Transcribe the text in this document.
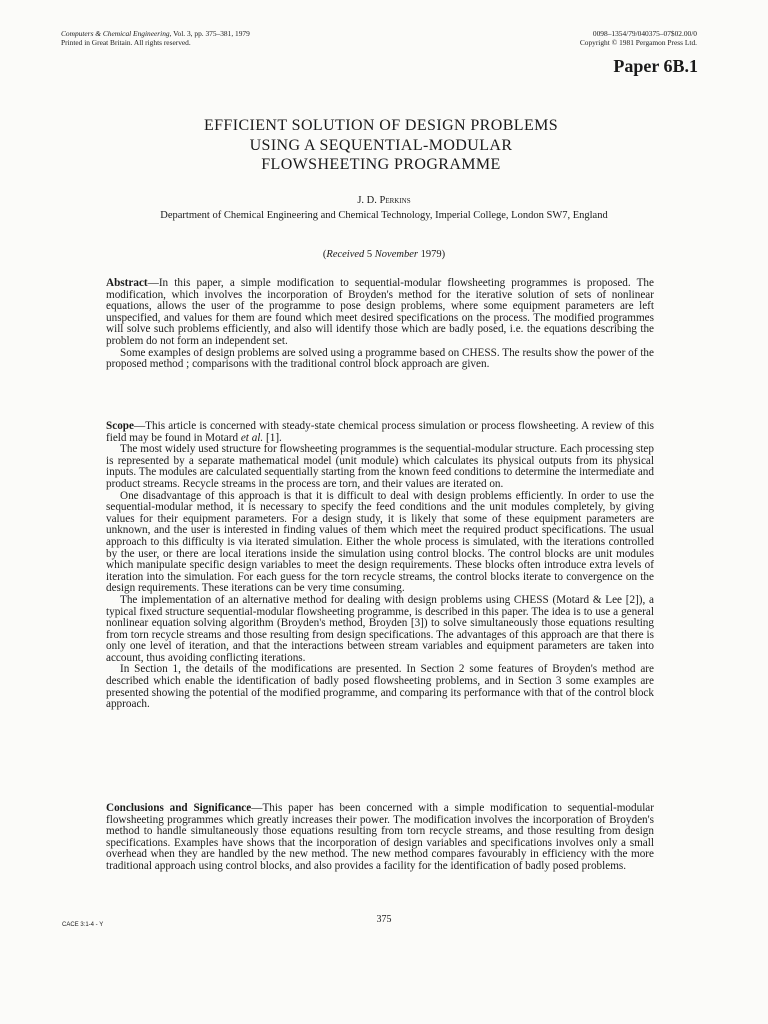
Computers & Chemical Engineering, Vol. 3, pp. 375–381, 1979
Printed in Great Britain. All rights reserved.
0098–1354/79/040375–07$02.00/0
Copyright © 1981 Pergamon Press Ltd.
Paper 6B.1
EFFICIENT SOLUTION OF DESIGN PROBLEMS
USING A SEQUENTIAL-MODULAR
FLOWSHEETING PROGRAMME
J. D. Perkins
Department of Chemical Engineering and Chemical Technology, Imperial College, London SW7, England
(Received 5 November 1979)

Abstract—In this paper, a simple modification to sequential-modular flowsheeting programmes is proposed. The modification, which involves the incorporation of Broyden's method for the iterative solution of sets of nonlinear equations, allows the user of the programme to pose design problems, where some equipment parameters are left unspecified, and values for them are found which meet desired specifications on the process. The modified programmes will solve such problems efficiently, and also will identify those which are badly posed, i.e. the equations describing the problem do not form an independent set.

Some examples of design problems are solved using a programme based on CHESS. The results show the power of the proposed method ; comparisons with the traditional control block approach are given.

Scope—This article is concerned with steady-state chemical process simulation or process flowsheeting. A review of this field may be found in Motard et al. [1].

The most widely used structure for flowsheeting programmes is the sequential-modular structure. Each processing step is represented by a separate mathematical model (unit module) which calculates its physical outputs from its physical inputs. The modules are calculated sequentially starting from the known feed conditions to determine the intermediate and product streams. Recycle streams in the process are torn, and their values are iterated on.

One disadvantage of this approach is that it is difficult to deal with design problems efficiently. In order to use the sequential-modular method, it is necessary to specify the feed conditions and the unit modules completely, by giving values for their equipment parameters. For a design study, it is likely that some of these equipment parameters are unknown, and the user is interested in finding values of them which meet the required product specifications. The usual approach to this difficulty is via iterated simulation. Either the whole process is simulated, with the iterations controlled by the user, or there are local iterations inside the simulation using control blocks. The control blocks are unit modules which manipulate specific design variables to meet the design requirements. These blocks often introduce extra levels of iteration into the simulation. For each guess for the torn recycle streams, the control blocks iterate to convergence on the design requirements. These iterations can be very time consuming.

The implementation of an alternative method for dealing with design problems using CHESS (Motard & Lee [2]), a typical fixed structure sequential-modular flowsheeting programme, is described in this paper. The idea is to use a general nonlinear equation solving algorithm (Broyden's method, Broyden [3]) to solve simultaneously those equations resulting from torn recycle streams and those resulting from design specifications. The advantages of this approach are that there is only one level of iteration, and that the interactions between stream variables and equipment parameters are taken into account, thus avoiding conflicting iterations.

In Section 1, the details of the modifications are presented. In Section 2 some features of Broyden's method are described which enable the identification of badly posed flowsheeting problems, and in Section 3 some examples are presented showing the potential of the modified programme, and comparing its performance with that of the control block approach.

Conclusions and Significance—This paper has been concerned with a simple modification to sequential-modular flowsheeting programmes which greatly increases their power. The modification involves the incorporation of Broyden's method to handle simultaneously those equations resulting from torn recycle streams, and those resulting from design specifications. Examples have shows that the incorporation of design variables and specifications involves only a small overhead when they are handled by the new method. The new method compares favourably in efficiency with the more traditional approach using control blocks, and also provides a facility for the identification of badly posed problems.

CACE 3:1-4 - Y	375
